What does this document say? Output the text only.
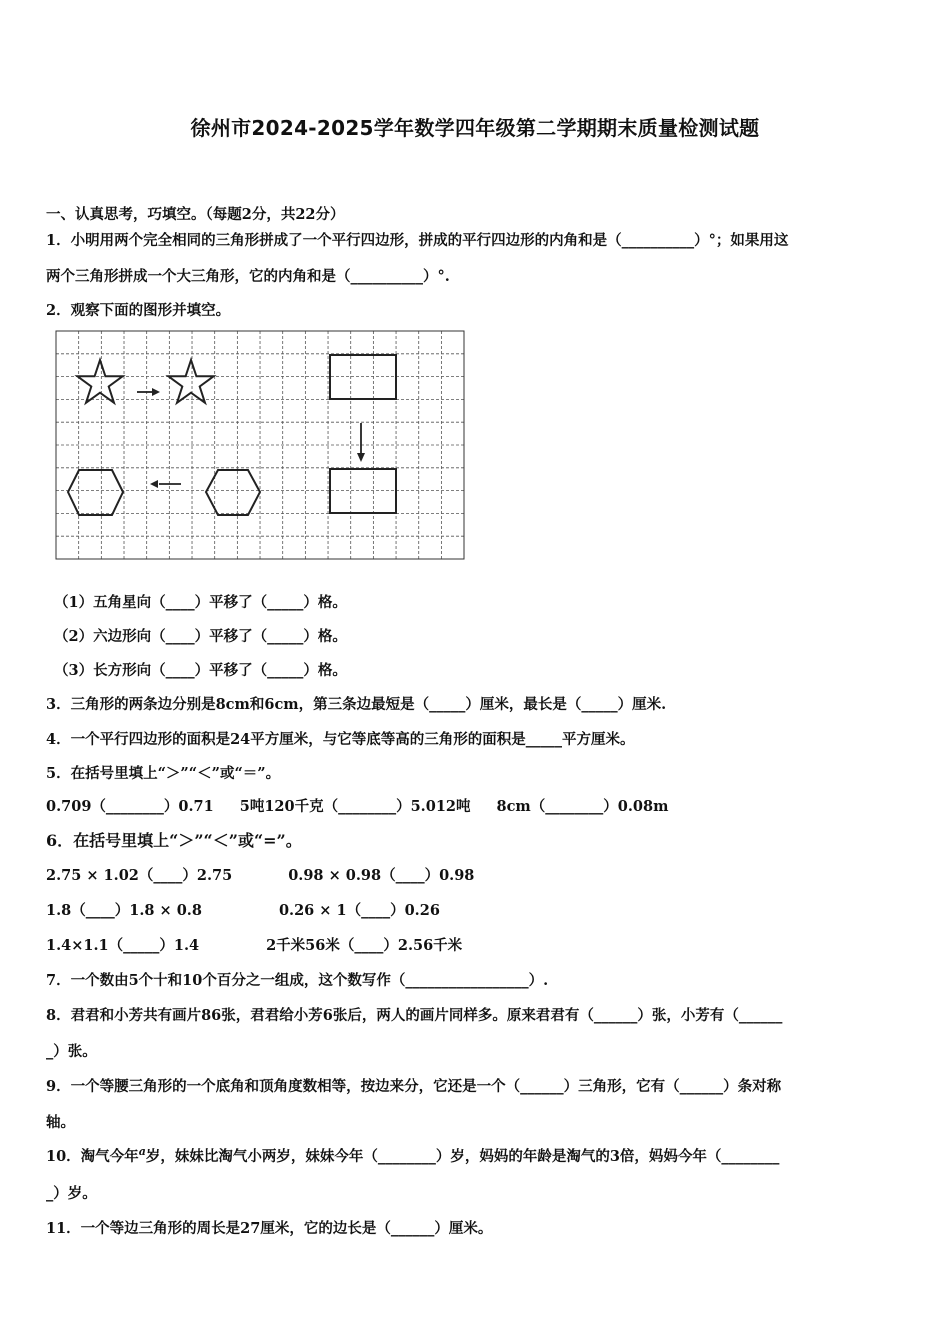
徐州市2024-2025学年数学四年级第二学期期末质量检测试题
一、认真思考，巧填空。（每题2分，共22分）
1．小明用两个完全相同的三角形拼成了一个平行四边形，拼成的平行四边形的内角和是（__________）°；如果用这
两个三角形拼成一个大三角形，它的内角和是（__________）°.
2．观察下面的图形并填空。
（1）五角星向（____）平移了（_____）格。
（2）六边形向（____）平移了（_____）格。
（3）长方形向（____）平移了（_____）格。
3．三角形的两条边分别是8cm和6cm，第三条边最短是（_____）厘米，最长是（_____）厘米.
4．一个平行四边形的面积是24平方厘米，与它等底等高的三角形的面积是_____平方厘米。
5．在括号里填上“＞”“＜”或“＝”。
0.709（________）0.71 5吨120千克（________）5.012吨 8cm（________）0.08m
6．在括号里填上“＞”“＜”或“=”。
2.75 × 1.02（____）2.75	0.98 × 0.98（____）0.98
1.8（____）1.8 × 0.8	0.26 × 1（____）0.26
1.4×1.1（_____）1.4	2千米56米（____）2.56千米
7．一个数由5个十和10个百分之一组成，这个数写作（_________________）.
8．君君和小芳共有画片86张，君君给小芳6张后，两人的画片同样多。原来君君有（______）张，小芳有（______
_）张。
9．一个等腰三角形的一个底角和顶角度数相等，按边来分，它还是一个（______）三角形，它有（______）条对称
轴。
10．淘气今年$^a$岁，妹妹比淘气小两岁，妹妹今年（________）岁，妈妈的年龄是淘气的3倍，妈妈今年（________
_）岁。
11．一个等边三角形的周长是27厘米，它的边长是（______）厘米。
